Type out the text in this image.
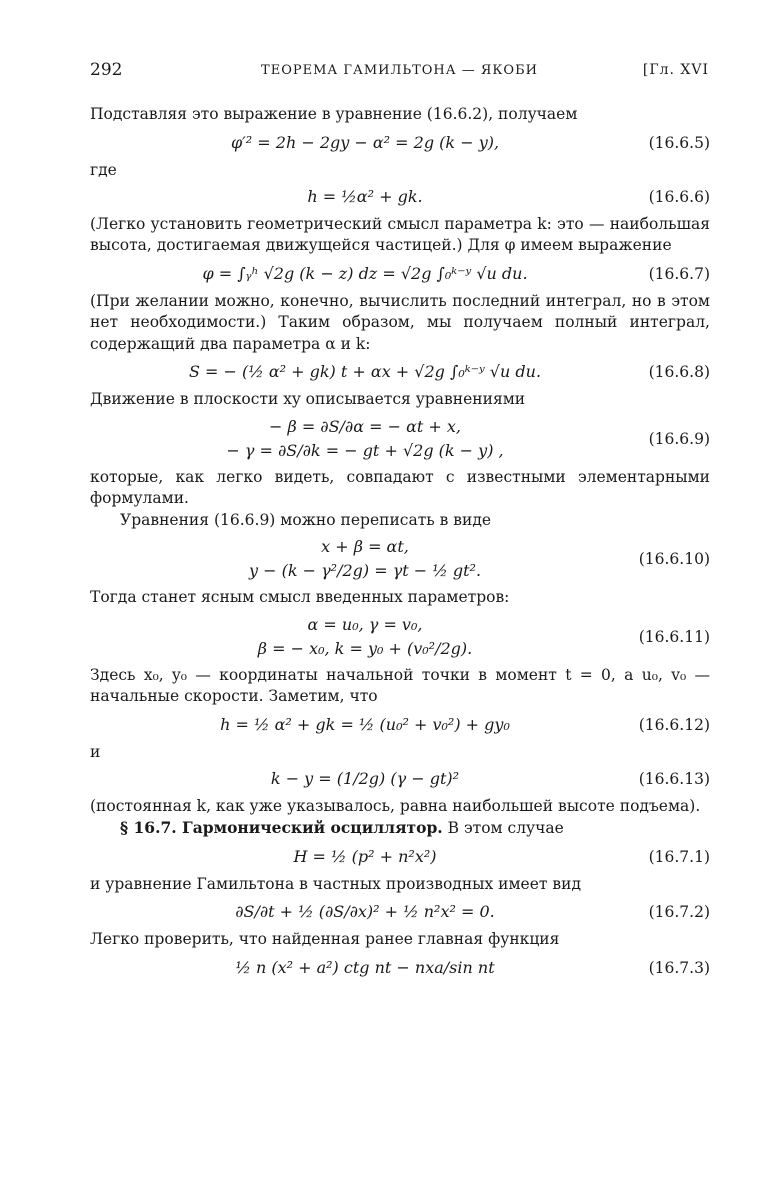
292	ТЕОРЕМА ГАМИЛЬТОНА — ЯКОБИ	[Гл. XVI

Подставляя это выражение в уравнение (16.6.2), получаем

φ′² = 2h − 2gy − α² = 2g (k − y),	(16.6.5)

где

h = ½α² + gk.	(16.6.6)

(Легко установить геометрический смысл параметра k: это — наибольшая высота, достигаемая движущейся частицей.) Для φ имеем выражение

φ = ∫ᵧʰ √2g (k − z) dz = √2g ∫₀ᵏ⁻ʸ √u du.	(16.6.7)

(При желании можно, конечно, вычислить последний интеграл, но в этом нет необходимости.) Таким образом, мы получаем полный интеграл, содержащий два параметра α и k:

S = − (½ α² + gk) t + αx + √2g ∫₀ᵏ⁻ʸ √u du.	(16.6.8)

Движение в плоскости xy описывается уравнениями

− β = ∂S/∂α = − αt + x,
− γ = ∂S/∂k = − gt + √2g (k − y) ,
(16.6.9)

которые, как легко видеть, совпадают с известными элементарными формулами.

Уравнения (16.6.9) можно переписать в виде

x + β = αt,
y − (k − γ²/2g) = γt − ½ gt².
(16.6.10)

Тогда станет ясным смысл введенных параметров:

α = u₀, γ = v₀,
β = − x₀, k = y₀ + (v₀²/2g).
(16.6.11)

Здесь x₀, y₀ — координаты начальной точки в момент t = 0, а u₀, v₀ — начальные скорости. Заметим, что

h = ½ α² + gk = ½ (u₀² + v₀²) + gy₀	(16.6.12)

и

k − y = (1/2g) (γ − gt)²	(16.6.13)

(постоянная k, как уже указывалось, равна наибольшей высоте подъема).

§ 16.7. Гармонический осциллятор. В этом случае

H = ½ (p² + n²x²)	(16.7.1)

и уравнение Гамильтона в частных производных имеет вид

∂S/∂t + ½ (∂S/∂x)² + ½ n²x² = 0.	(16.7.2)

Легко проверить, что найденная ранее главная функция

½ n (x² + a²) ctg nt − nxa/sin nt	(16.7.3)
